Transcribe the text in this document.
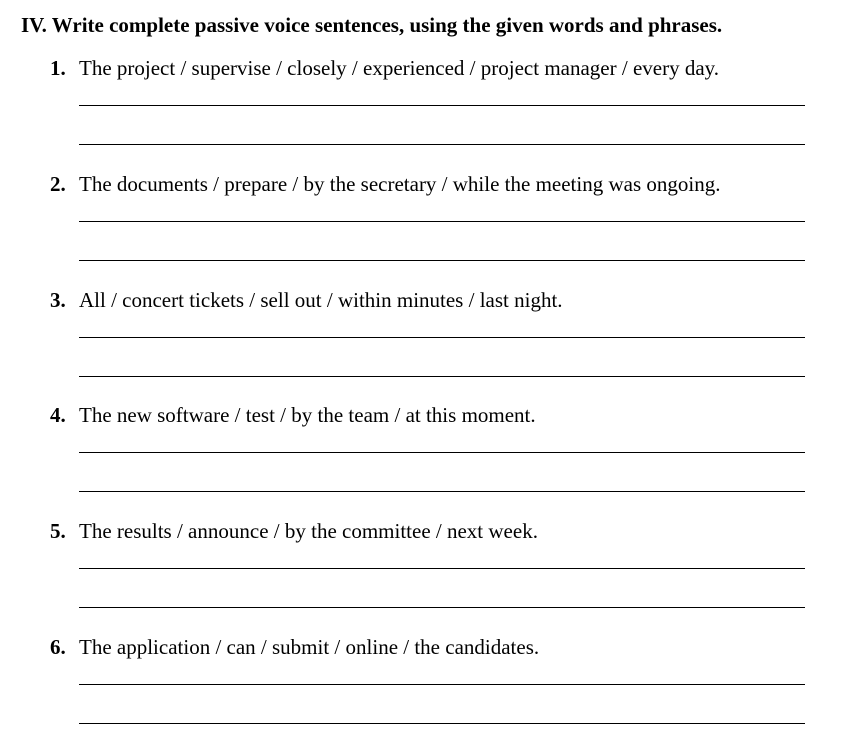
IV. Write complete passive voice sentences, using the given words and phrases.
1. The project / supervise / closely / experienced / project manager / every day.
2. The documents / prepare / by the secretary / while the meeting was ongoing.
3. All / concert tickets / sell out / within minutes / last night.
4. The new software / test / by the team / at this moment.
5. The results / announce / by the committee / next week.
6. The application / can / submit / online / the candidates.
